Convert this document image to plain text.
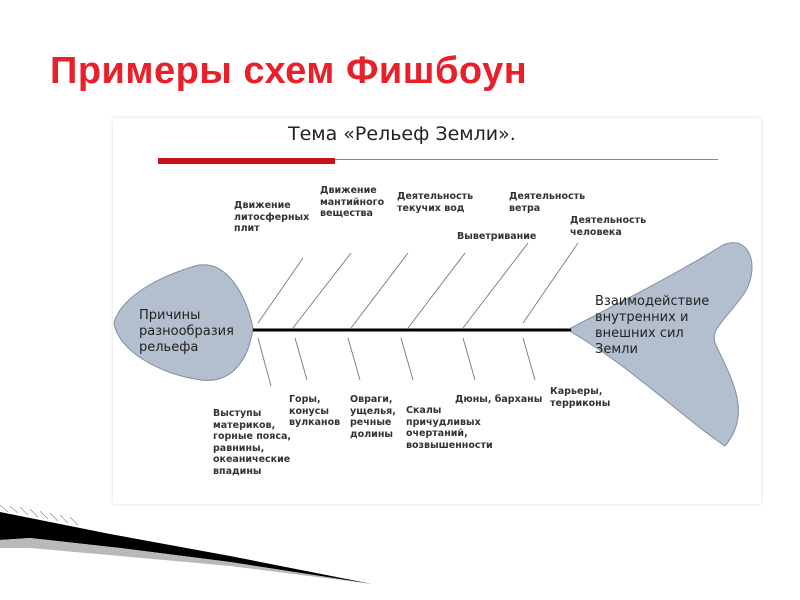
Примеры схем Фишбоун
Тема «Рельеф Земли».
Причины
разнообразия
рельефа
Взаимодействие
внутренних и
внешних сил
Земли
Движение
литосферных
плит
Движение
мантийного
вещества
Деятельность
текучих вод
Выветривание
Деятельность
ветра
Деятельность
человека
Выступы
материков,
горные пояса,
равнины,
океанические
впадины
Горы,
конусы
вулканов
Овраги,
ущелья,
речные
долины
Скалы
причудливых
очертаний,
возвышенности
Дюны, барханы
Карьеры,
терриконы
